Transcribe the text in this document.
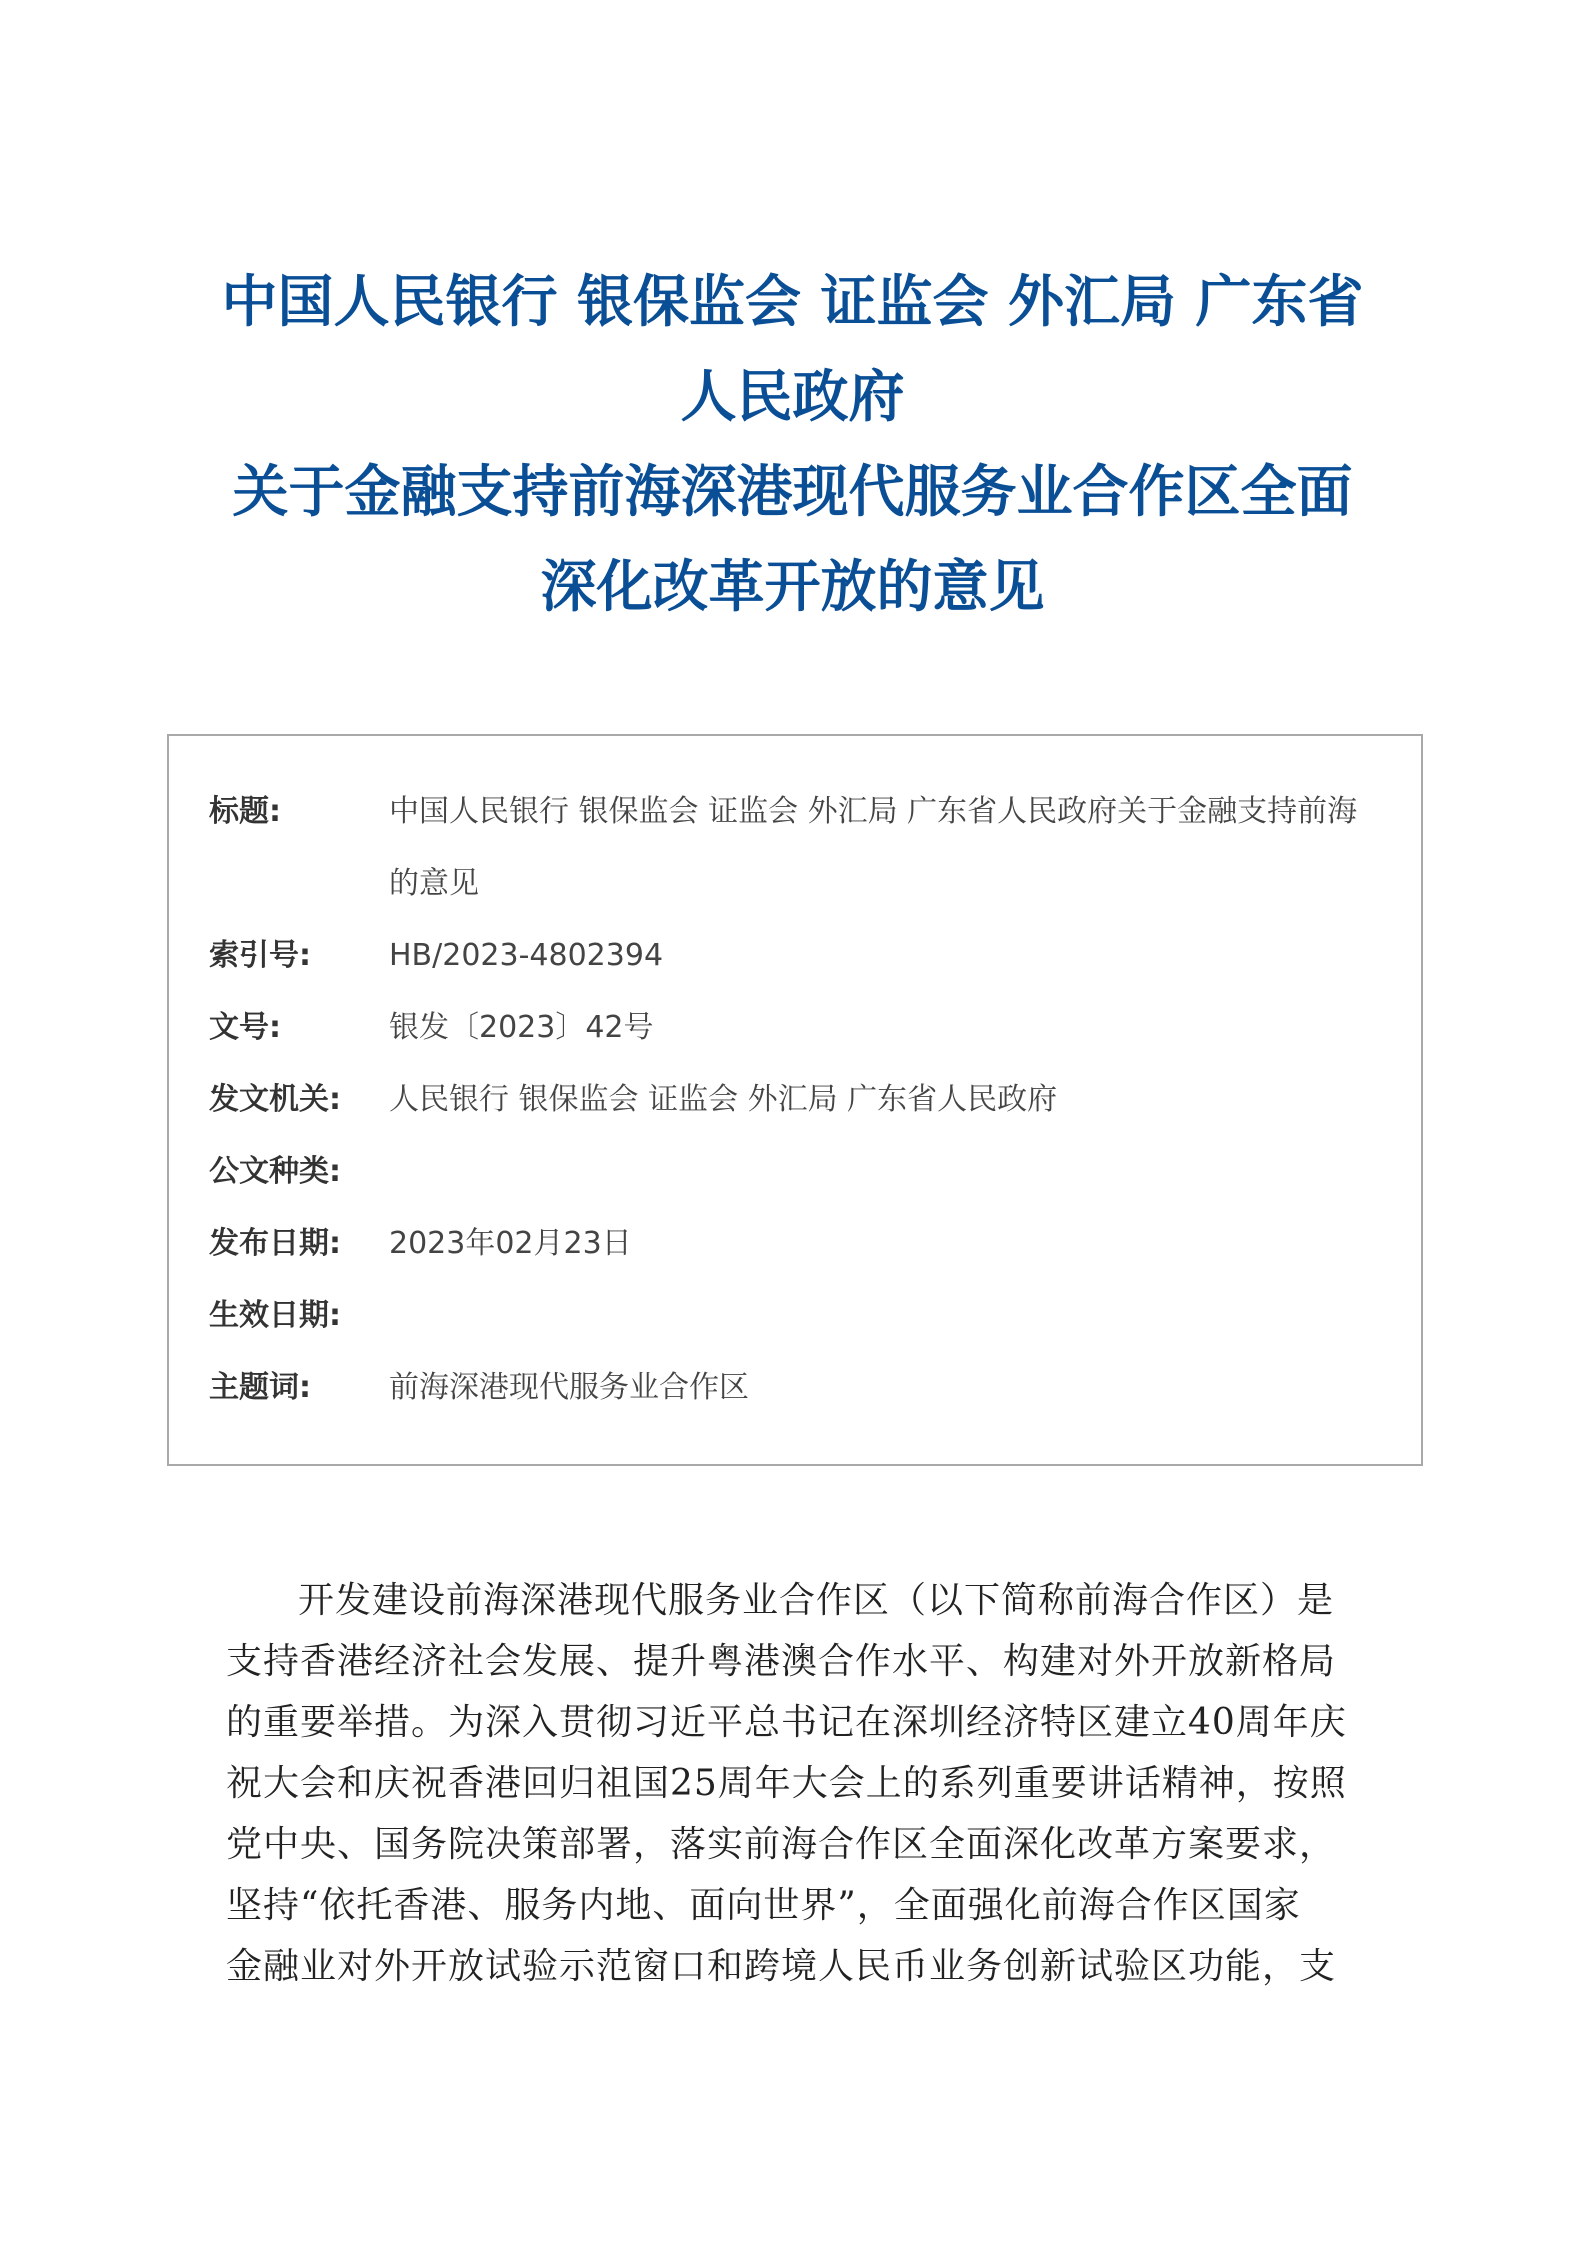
中国人民银行 银保监会 证监会 外汇局 广东省
人民政府
关于金融支持前海深港现代服务业合作区全面
深化改革开放的意见
标题:	中国人民银行 银保监会 证监会 外汇局 广东省人民政府关于金融支持前海
的意见
索引号:	HB/2023-4802394
文号:	银发〔2023〕42号
发文机关: 人民银行 银保监会 证监会 外汇局 广东省人民政府
公文种类:
发布日期: 2023年02月23日
生效日期:
主题词:	前海深港现代服务业合作区
开发建设前海深港现代服务业合作区（以下简称前海合作区）是
支持香港经济社会发展、提升粤港澳合作水平、构建对外开放新格局
的重要举措。为深入贯彻习近平总书记在深圳经济特区建立40周年庆
祝大会和庆祝香港回归祖国25周年大会上的系列重要讲话精神，按照
党中央、国务院决策部署，落实前海合作区全面深化改革方案要求，
坚持“依托香港、服务内地、面向世界”，全面强化前海合作区国家
金融业对外开放试验示范窗口和跨境人民币业务创新试验区功能，支
